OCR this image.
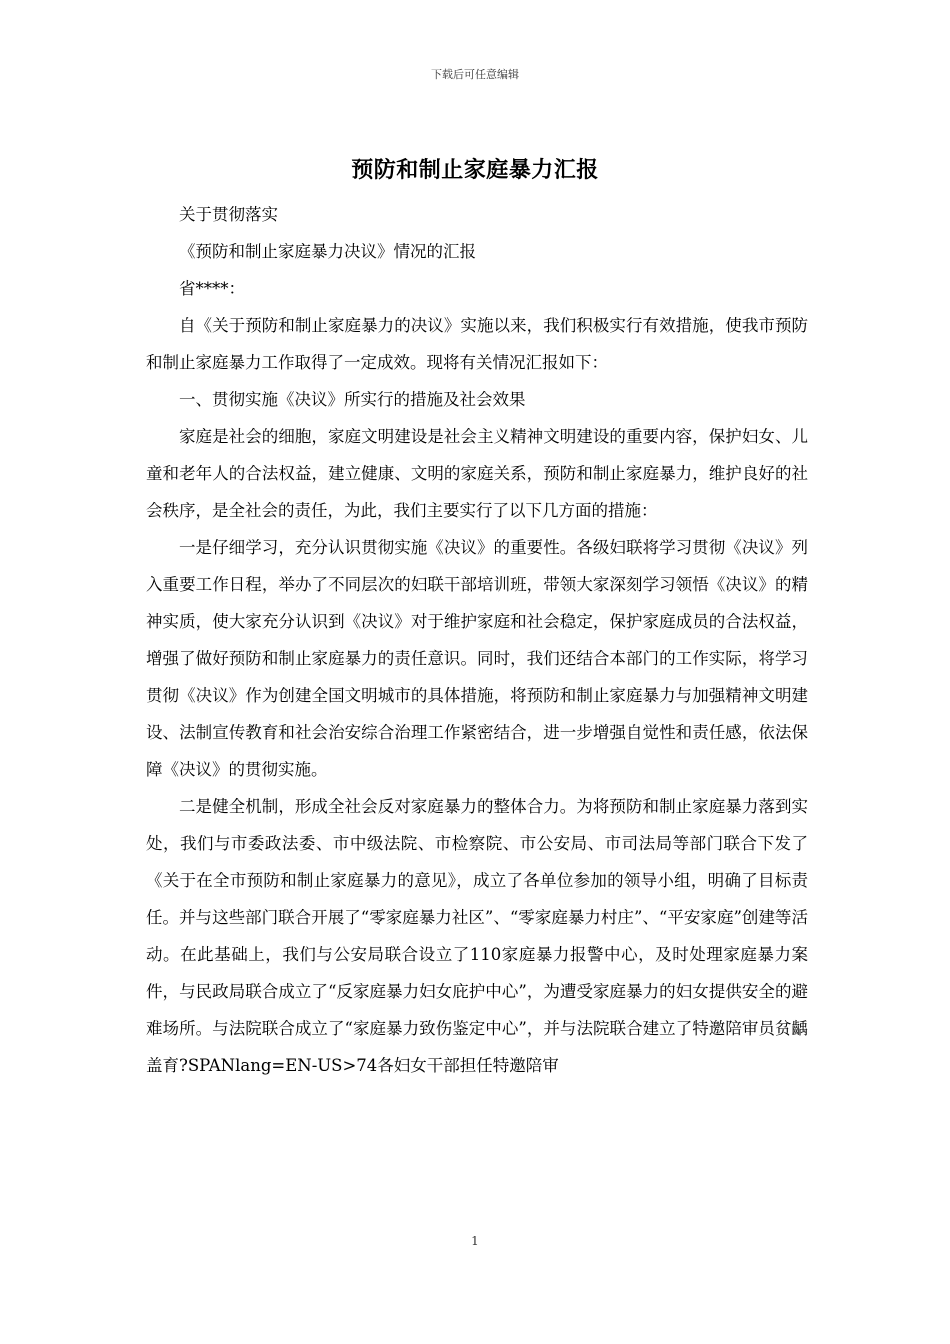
下载后可任意编辑
预防和制止家庭暴力汇报

关于贯彻落实

《预防和制止家庭暴力决议》情况的汇报

省****：

自《关于预防和制止家庭暴力的决议》实施以来，我们积极实行有效措施，使我市预防和制止家庭暴力工作取得了一定成效。现将有关情况汇报如下：

一、贯彻实施《决议》所实行的措施及社会效果

家庭是社会的细胞，家庭文明建设是社会主义精神文明建设的重要内容，保护妇女、儿童和老年人的合法权益，建立健康、文明的家庭关系，预防和制止家庭暴力，维护良好的社会秩序，是全社会的责任，为此，我们主要实行了以下几方面的措施：

一是仔细学习，充分认识贯彻实施《决议》的重要性。各级妇联将学习贯彻《决议》列入重要工作日程，举办了不同层次的妇联干部培训班，带领大家深刻学习领悟《决议》的精神实质，使大家充分认识到《决议》对于维护家庭和社会稳定，保护家庭成员的合法权益，增强了做好预防和制止家庭暴力的责任意识。同时，我们还结合本部门的工作实际，将学习贯彻《决议》作为创建全国文明城市的具体措施，将预防和制止家庭暴力与加强精神文明建设、法制宣传教育和社会治安综合治理工作紧密结合，进一步增强自觉性和责任感，依法保障《决议》的贯彻实施。

二是健全机制，形成全社会反对家庭暴力的整体合力。为将预防和制止家庭暴力落到实处，我们与市委政法委、市中级法院、市检察院、市公安局、市司法局等部门联合下发了《关于在全市预防和制止家庭暴力的意见》，成立了各单位参加的领导小组，明确了目标责任。并与这些部门联合开展了“零家庭暴力社区”、“零家庭暴力村庄”、“平安家庭”创建等活动。在此基础上，我们与公安局联合设立了110家庭暴力报警中心，及时处理家庭暴力案件，与民政局联合成立了“反家庭暴力妇女庇护中心”，为遭受家庭暴力的妇女提供安全的避难场所。与法院联合成立了“家庭暴力致伤鉴定中心”，并与法院联合建立了特邀陪审员贫齲　盖育?SPANlang=EN-US>74各妇女干部担任特邀陪审

1
